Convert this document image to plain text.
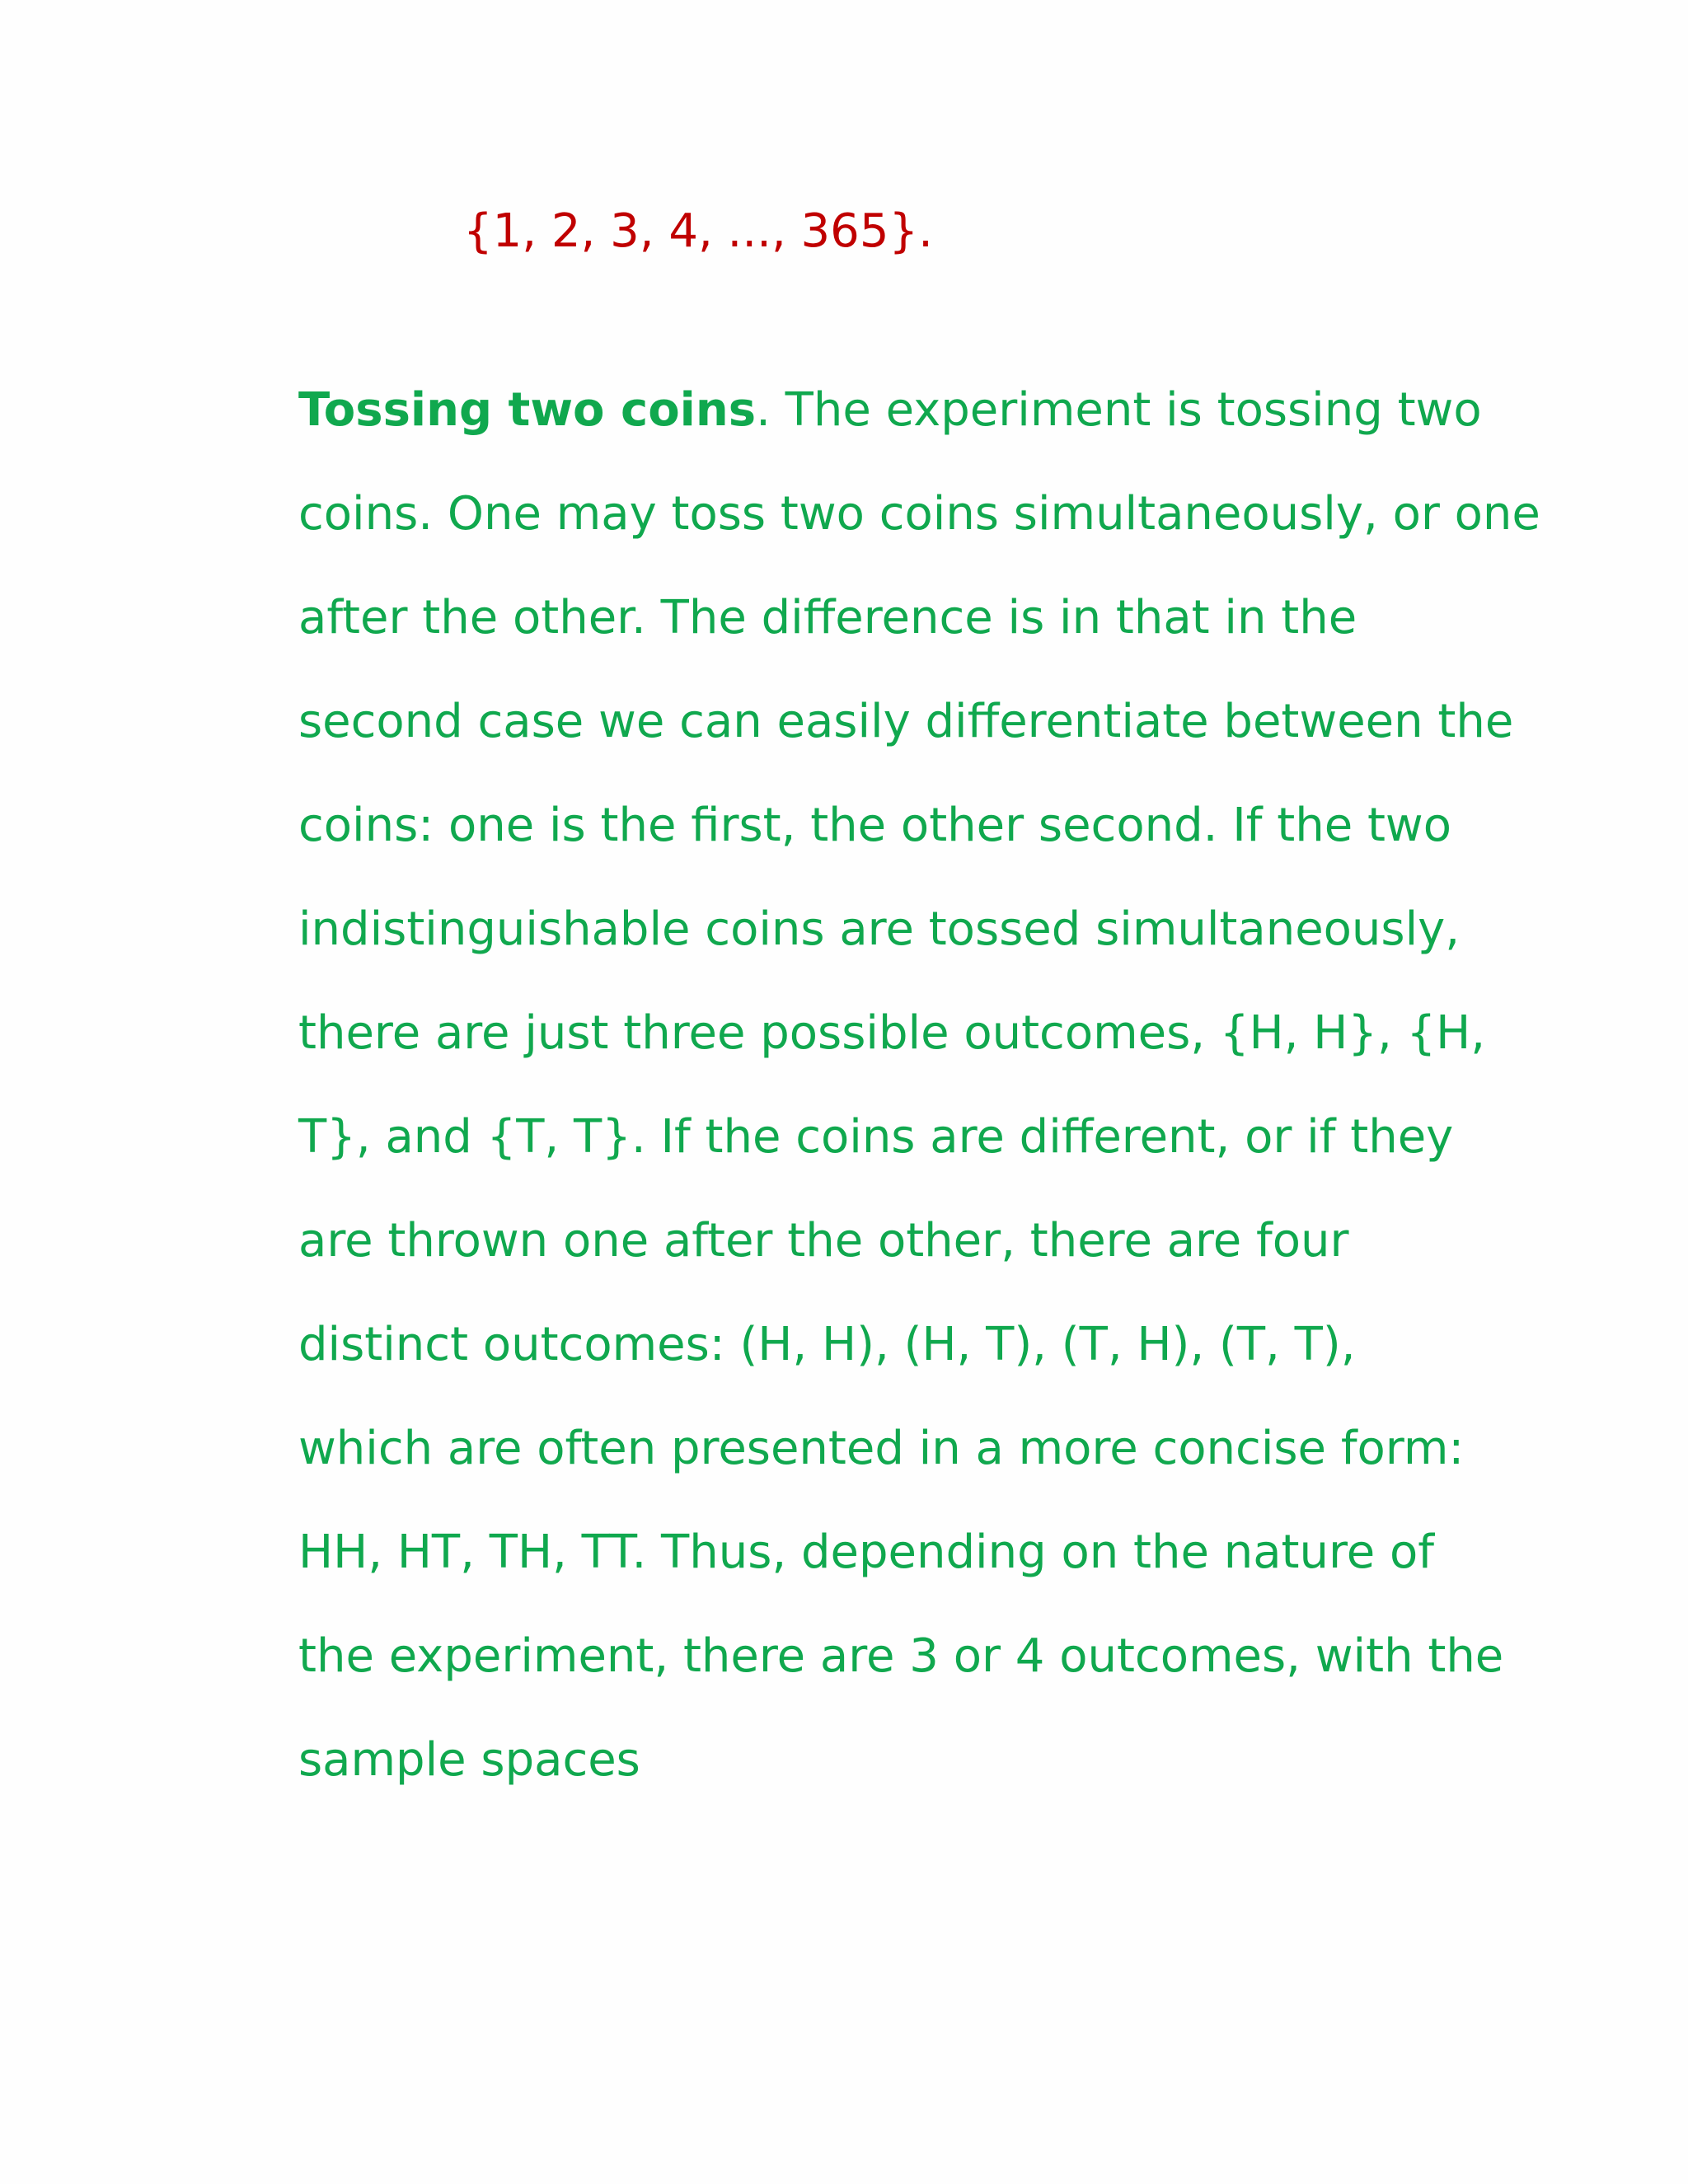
{1, 2, 3, 4, ..., 365}.
Tossing two coins. The experiment is tossing two
coins. One may toss two coins simultaneously, or one
after the other. The difference is in that in the
second case we can easily differentiate between the
coins: one is the first, the other second. If the two
indistinguishable coins are tossed simultaneously,
there are just three possible outcomes, {H, H}, {H,
T}, and {T, T}. If the coins are different, or if they
are thrown one after the other, there are four
distinct outcomes: (H, H), (H, T), (T, H), (T, T),
which are often presented in a more concise form:
HH, HT, TH, TT. Thus, depending on the nature of
the experiment, there are 3 or 4 outcomes, with the
sample spaces
